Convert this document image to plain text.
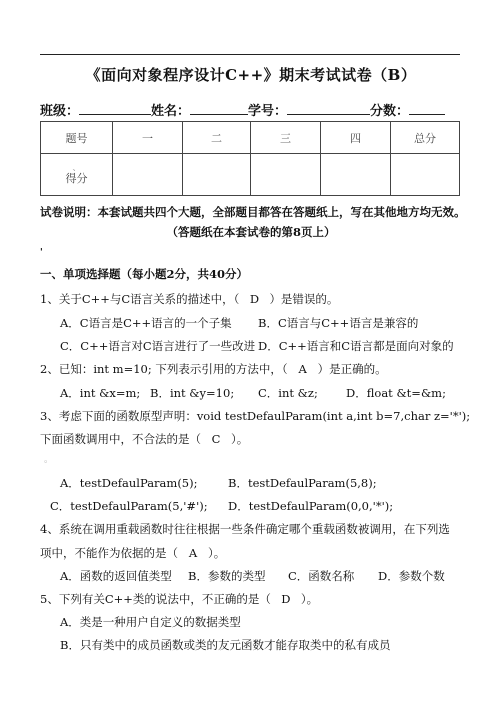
《面向对象程序设计C++》期末考试试卷（B）
班级：	姓名：	学号：	分数：
题号	一	二	三	四	总分

、
得分					

试卷说明：本套试题共四个大题，全部题目都答在答题纸上，写在其他地方均无效。
（答题纸在本套试卷的第8页上）
'
一、单项选择题（每小题2分，共40分）
1、关于C++与C语言关系的描述中，（ D ）是错误的。
A．C语言是C++语言的一个子集 B．C语言与C++语言是兼容的
C．C++语言对C语言进行了一些改进 D．C++语言和C语言都是面向对象的
2、已知：int m=10; 下列表示引用的方法中，（ A ）是正确的。
A．int &x=m; B．int &y=10; C．int &z; D．float &t=&m;
3、考虑下面的函数原型声明：void testDefaulParam(int a,int b=7,char z='*');
下面函数调用中，不合法的是（ C ）。
。
A．testDefaulParam(5);	B．testDefaulParam(5,8);
C．testDefaulParam(5,'#'); D．testDefaulParam(0,0,'*');
4、系统在调用重载函数时往往根据一些条件确定哪个重载函数被调用，在下列选
项中，不能作为依据的是（ A ）。
A．函数的返回值类型 B．参数的类型 C．函数名称 D．参数个数
5、下列有关C++类的说法中，不正确的是（ D ）。
A．类是一种用户自定义的数据类型
B．只有类中的成员函数或类的友元函数才能存取类中的私有成员
